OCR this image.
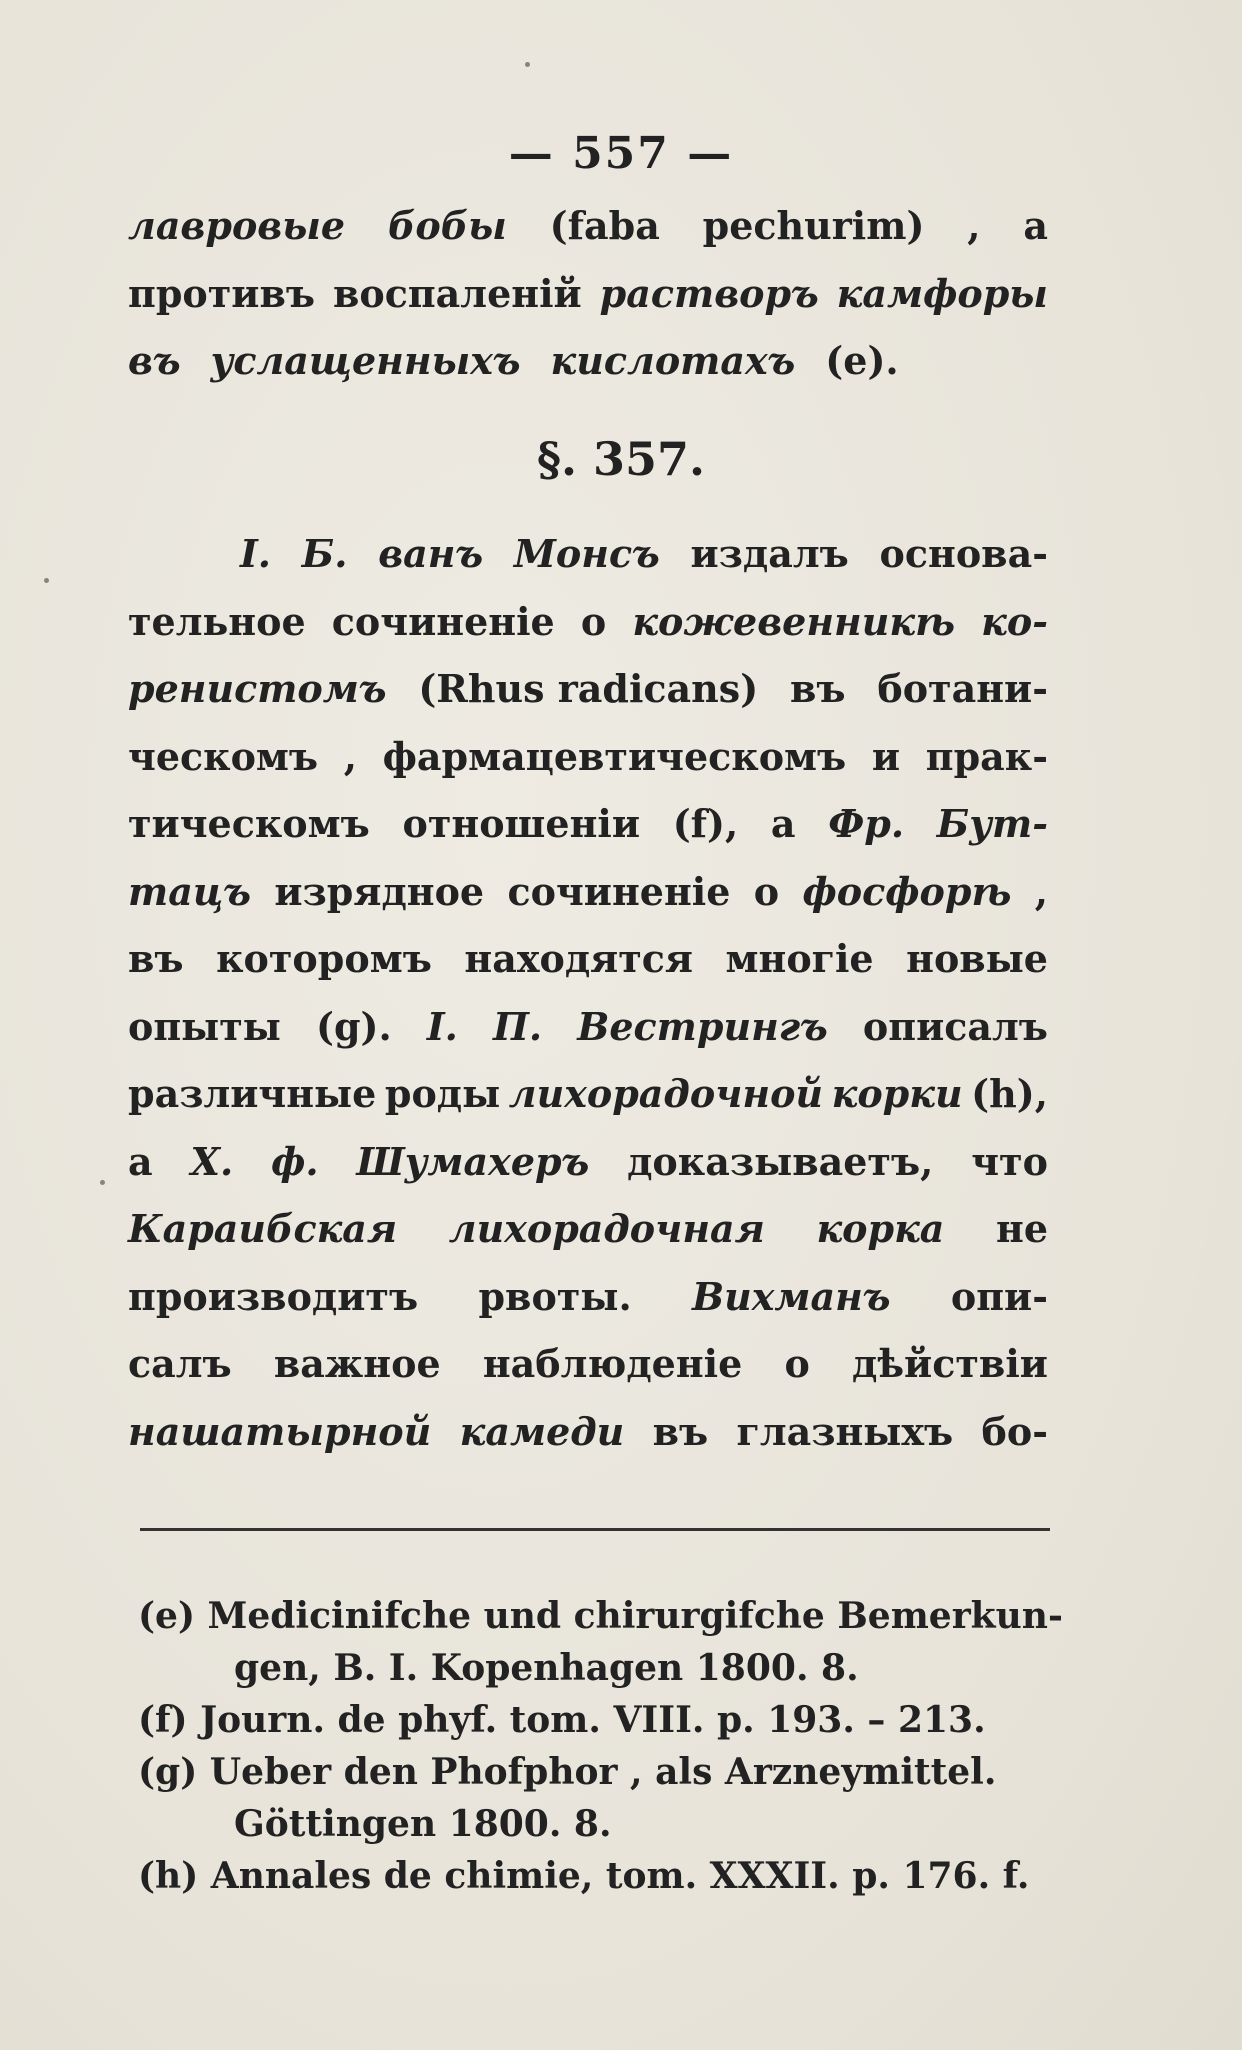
— 557 —
лавровые бобы (faba pechurim) , а
противъ воспаленій растворъ камфоры
въ услащенныхъ кислотахъ (e).
§. 357.
I. Б. ванъ Монсъ издалъ основа-
тельное сочиненіе о кожевенникѣ ко-
ренистомъ (Rhus radicans) въ ботани-
ческомъ , фармацевтическомъ и прак-
тическомъ отношеніи (f), а Фр. Бут-
тацъ изрядное сочиненіе о фосфорѣ ,
въ которомъ находятся многіе новые
опыты (g). I. П. Вестрингъ описалъ
различные роды лихорадочной корки (h),
а Х. ф. Шумахеръ доказываетъ, что
Караибская лихорадочная корка не
производитъ рвоты. Вихманъ опи-
салъ важное наблюденіе о дѣйствіи
нашатырной камеди въ глазныхъ бо-
(e) Medicinifche und chirurgifche Bemerkun-
gen, B. I. Kopenhagen 1800. 8.
(f) Journ. de phyf. tom. VIII. p. 193. – 213.
(g) Ueber den Phofphor , als Arzneymittel.
Göttingen 1800. 8.
(h) Annales de chimie, tom. XXXII. p. 176. f.
